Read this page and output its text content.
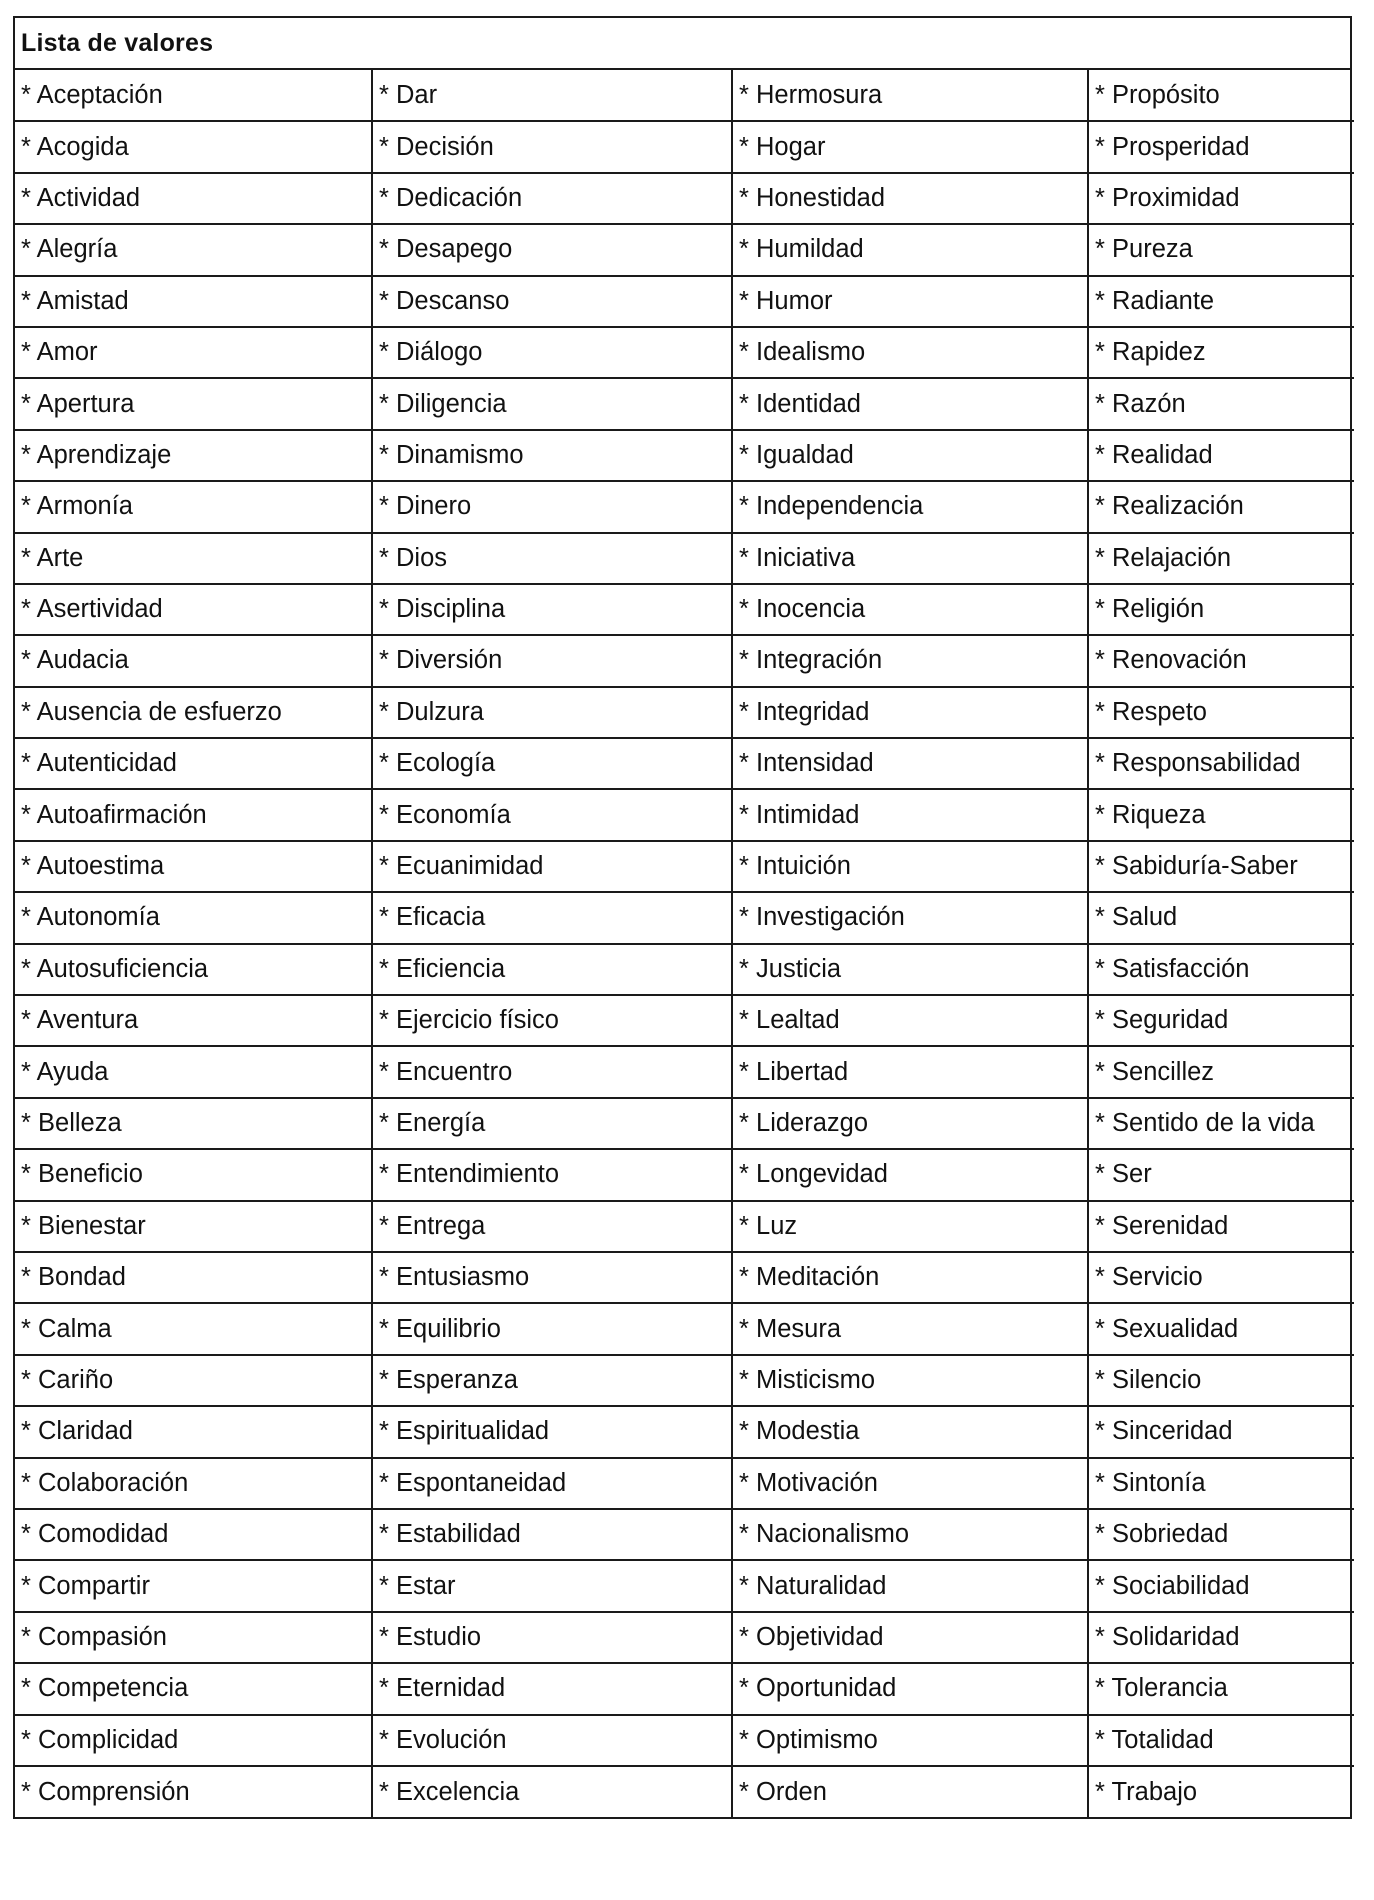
Lista de valores
* Aceptación	* Dar	* Hermosura	* Propósito
* Acogida	* Decisión	* Hogar	* Prosperidad
* Actividad	* Dedicación	* Honestidad	* Proximidad
* Alegría	* Desapego	* Humildad	* Pureza
* Amistad	* Descanso	* Humor	* Radiante
* Amor	* Diálogo	* Idealismo	* Rapidez
* Apertura	* Diligencia	* Identidad	* Razón
* Aprendizaje	* Dinamismo	* Igualdad	* Realidad
* Armonía	* Dinero	* Independencia	* Realización
* Arte	* Dios	* Iniciativa	* Relajación
* Asertividad	* Disciplina	* Inocencia	* Religión
* Audacia	* Diversión	* Integración	* Renovación
* Ausencia de esfuerzo	* Dulzura	* Integridad	* Respeto
* Autenticidad	* Ecología	* Intensidad	* Responsabilidad
* Autoafirmación	* Economía	* Intimidad	* Riqueza
* Autoestima	* Ecuanimidad	* Intuición	* Sabiduría-Saber
* Autonomía	* Eficacia	* Investigación	* Salud
* Autosuficiencia	* Eficiencia	* Justicia	* Satisfacción
* Aventura	* Ejercicio físico	* Lealtad	* Seguridad
* Ayuda	* Encuentro	* Libertad	* Sencillez
* Belleza	* Energía	* Liderazgo	* Sentido de la vida
* Beneficio	* Entendimiento	* Longevidad	* Ser
* Bienestar	* Entrega	* Luz	* Serenidad
* Bondad	* Entusiasmo	* Meditación	* Servicio
* Calma	* Equilibrio	* Mesura	* Sexualidad
* Cariño	* Esperanza	* Misticismo	* Silencio
* Claridad	* Espiritualidad	* Modestia	* Sinceridad
* Colaboración	* Espontaneidad	* Motivación	* Sintonía
* Comodidad	* Estabilidad	* Nacionalismo	* Sobriedad
* Compartir	* Estar	* Naturalidad	* Sociabilidad
* Compasión	* Estudio	* Objetividad	* Solidaridad
* Competencia	* Eternidad	* Oportunidad	* Tolerancia
* Complicidad	* Evolución	* Optimismo	* Totalidad
* Comprensión	* Excelencia	* Orden	* Trabajo
